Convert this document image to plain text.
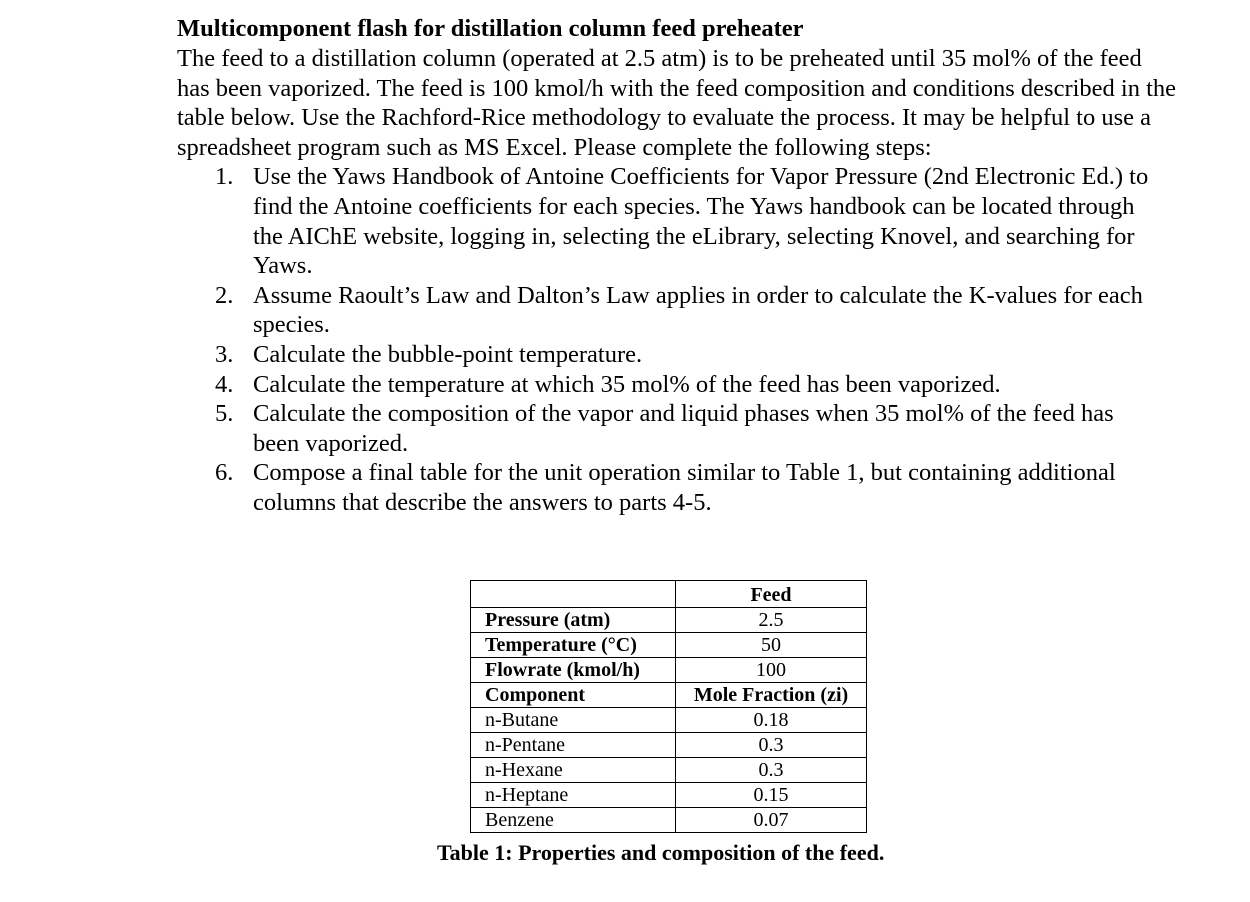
Multicomponent flash for distillation column feed preheater

The feed to a distillation column (operated at 2.5 atm) is to be preheated until 35 mol% of the feed has been vaporized. The feed is 100 kmol/h with the feed composition and conditions described in the table below. Use the Rachford-Rice methodology to evaluate the process. It may be helpful to use a spreadsheet program such as MS Excel. Please complete the following steps:

1. Use the Yaws Handbook of Antoine Coefficients for Vapor Pressure (2nd Electronic Ed.) to find the Antoine coefficients for each species. The Yaws handbook can be located through the AIChE website, logging in, selecting the eLibrary, selecting Knovel, and searching for Yaws.
2. Assume Raoult’s Law and Dalton’s Law applies in order to calculate the K-values for each species.
3. Calculate the bubble-point temperature.
4. Calculate the temperature at which 35 mol% of the feed has been vaporized.
5. Calculate the composition of the vapor and liquid phases when 35 mol% of the feed has been vaporized.
6. Compose a final table for the unit operation similar to Table 1, but containing additional columns that describe the answers to parts 4-5.
	Feed
Pressure (atm)	2.5
Temperature (°C)	50
Flowrate (kmol/h)	100
Component	Mole Fraction (zi)
n-Butane	0.18
n-Pentane	0.3
n-Hexane	0.3
n-Heptane	0.15
Benzene	0.07
Table 1: Properties and composition of the feed.
